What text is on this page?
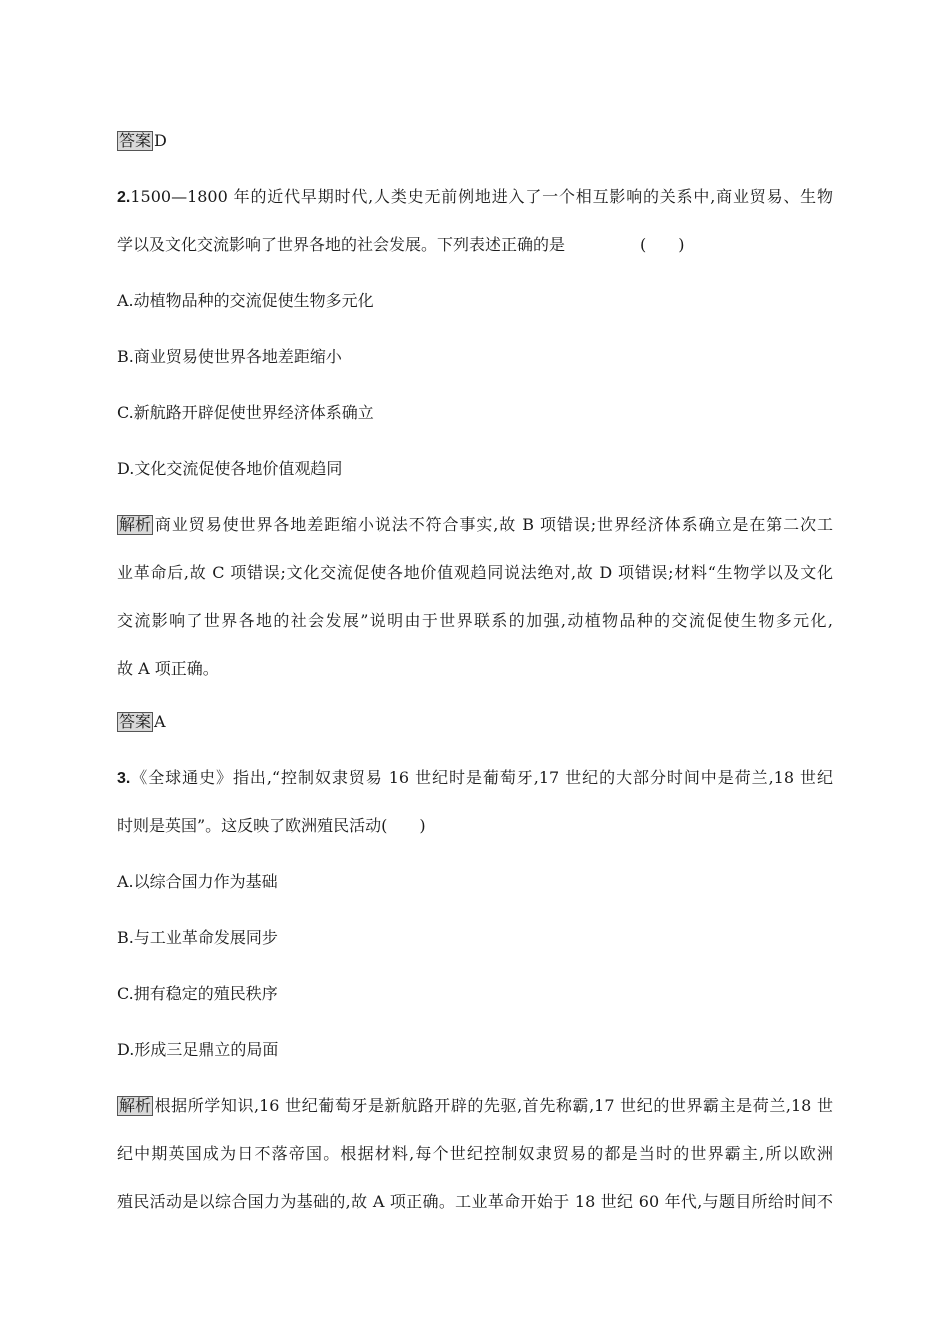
答案 D
2.1500—1800 年的近代早期时代,人类史无前例地进入了一个相互影响的关系中,商业贸易、生物
学以及文化交流影响了世界各地的社会发展。下列表述正确的是	(　　)
A.动植物品种的交流促使生物多元化
B.商业贸易使世界各地差距缩小
C.新航路开辟促使世界经济体系确立
D.文化交流促使各地价值观趋同
解析 商业贸易使世界各地差距缩小说法不符合事实,故 B 项错误;世界经济体系确立是在第二次工
业革命后,故 C 项错误;文化交流促使各地价值观趋同说法绝对,故 D 项错误;材料“生物学以及文化
交流影响了世界各地的社会发展”说明由于世界联系的加强,动植物品种的交流促使生物多元化,
故 A 项正确。
答案 A
3.《全球通史》指出,“控制奴隶贸易 16 世纪时是葡萄牙,17 世纪的大部分时间中是荷兰,18 世纪
时则是英国”。这反映了欧洲殖民活动(　　)
A.以综合国力作为基础
B.与工业革命发展同步
C.拥有稳定的殖民秩序
D.形成三足鼎立的局面
解析 根据所学知识,16 世纪葡萄牙是新航路开辟的先驱,首先称霸,17 世纪的世界霸主是荷兰,18 世
纪中期英国成为日不落帝国。根据材料,每个世纪控制奴隶贸易的都是当时的世界霸主,所以欧洲
殖民活动是以综合国力为基础的,故 A 项正确。工业革命开始于 18 世纪 60 年代,与题目所给时间不
